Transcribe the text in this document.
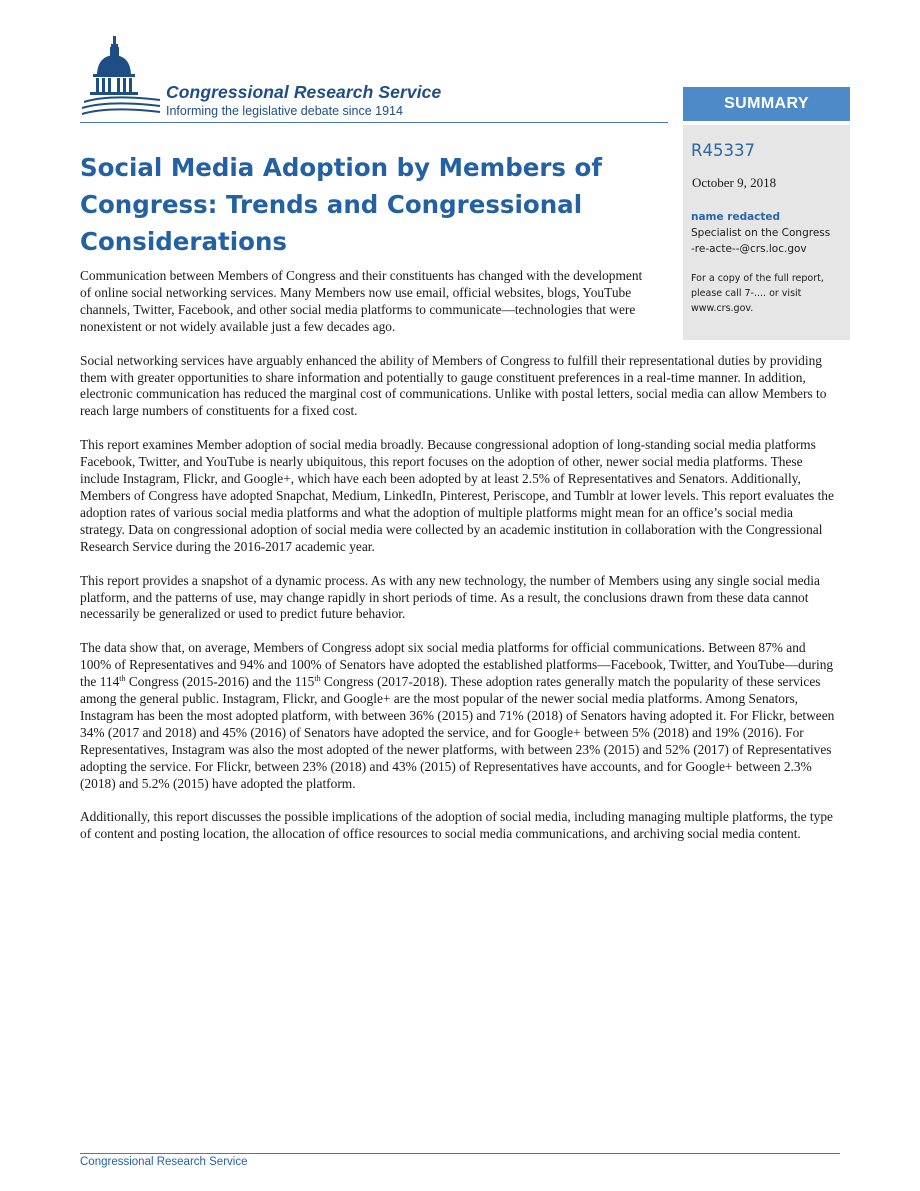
Congressional Research Service
Informing the legislative debate since 1914	SUMMARY
R45337
October 9, 2018
name redacted
Specialist on the Congress
-re-acte--@crs.loc.gov
For a copy of the full report, please call 7-.... or visit www.crs.gov.
Social Media Adoption by Members of Congress: Trends and Congressional Considerations

Communication between Members of Congress and their constituents has changed with the development of online social networking services. Many Members now use email, official websites, blogs, YouTube channels, Twitter, Facebook, and other social media platforms to communicate—technologies that were nonexistent or not widely available just a few decades ago.

Social networking services have arguably enhanced the ability of Members of Congress to fulfill their representational duties by providing them with greater opportunities to share information and potentially to gauge constituent preferences in a real-time manner. In addition, electronic communication has reduced the marginal cost of communications. Unlike with postal letters, social media can allow Members to reach large numbers of constituents for a fixed cost.

This report examines Member adoption of social media broadly. Because congressional adoption of long-standing social media platforms Facebook, Twitter, and YouTube is nearly ubiquitous, this report focuses on the adoption of other, newer social media platforms. These include Instagram, Flickr, and Google+, which have each been adopted by at least 2.5% of Representatives and Senators. Additionally, Members of Congress have adopted Snapchat, Medium, LinkedIn, Pinterest, Periscope, and Tumblr at lower levels. This report evaluates the adoption rates of various social media platforms and what the adoption of multiple platforms might mean for an office’s social media strategy. Data on congressional adoption of social media were collected by an academic institution in collaboration with the Congressional Research Service during the 2016-2017 academic year.

This report provides a snapshot of a dynamic process. As with any new technology, the number of Members using any single social media platform, and the patterns of use, may change rapidly in short periods of time. As a result, the conclusions drawn from these data cannot necessarily be generalized or used to predict future behavior.

The data show that, on average, Members of Congress adopt six social media platforms for official communications. Between 87% and 100% of Representatives and 94% and 100% of Senators have adopted the established platforms—Facebook, Twitter, and YouTube—during the 114th Congress (2015-2016) and the 115th Congress (2017-2018). These adoption rates generally match the popularity of these services among the general public. Instagram, Flickr, and Google+ are the most popular of the newer social media platforms. Among Senators, Instagram has been the most adopted platform, with between 36% (2015) and 71% (2018) of Senators having adopted it. For Flickr, between 34% (2017 and 2018) and 45% (2016) of Senators have adopted the service, and for Google+ between 5% (2018) and 19% (2016). For Representatives, Instagram was also the most adopted of the newer platforms, with between 23% (2015) and 52% (2017) of Representatives adopting the service. For Flickr, between 23% (2018) and 43% (2015) of Representatives have accounts, and for Google+ between 2.3% (2018) and 5.2% (2015) have adopted the platform.

Additionally, this report discusses the possible implications of the adoption of social media, including managing multiple platforms, the type of content and posting location, the allocation of office resources to social media communications, and archiving social media content.

Congressional Research Service
